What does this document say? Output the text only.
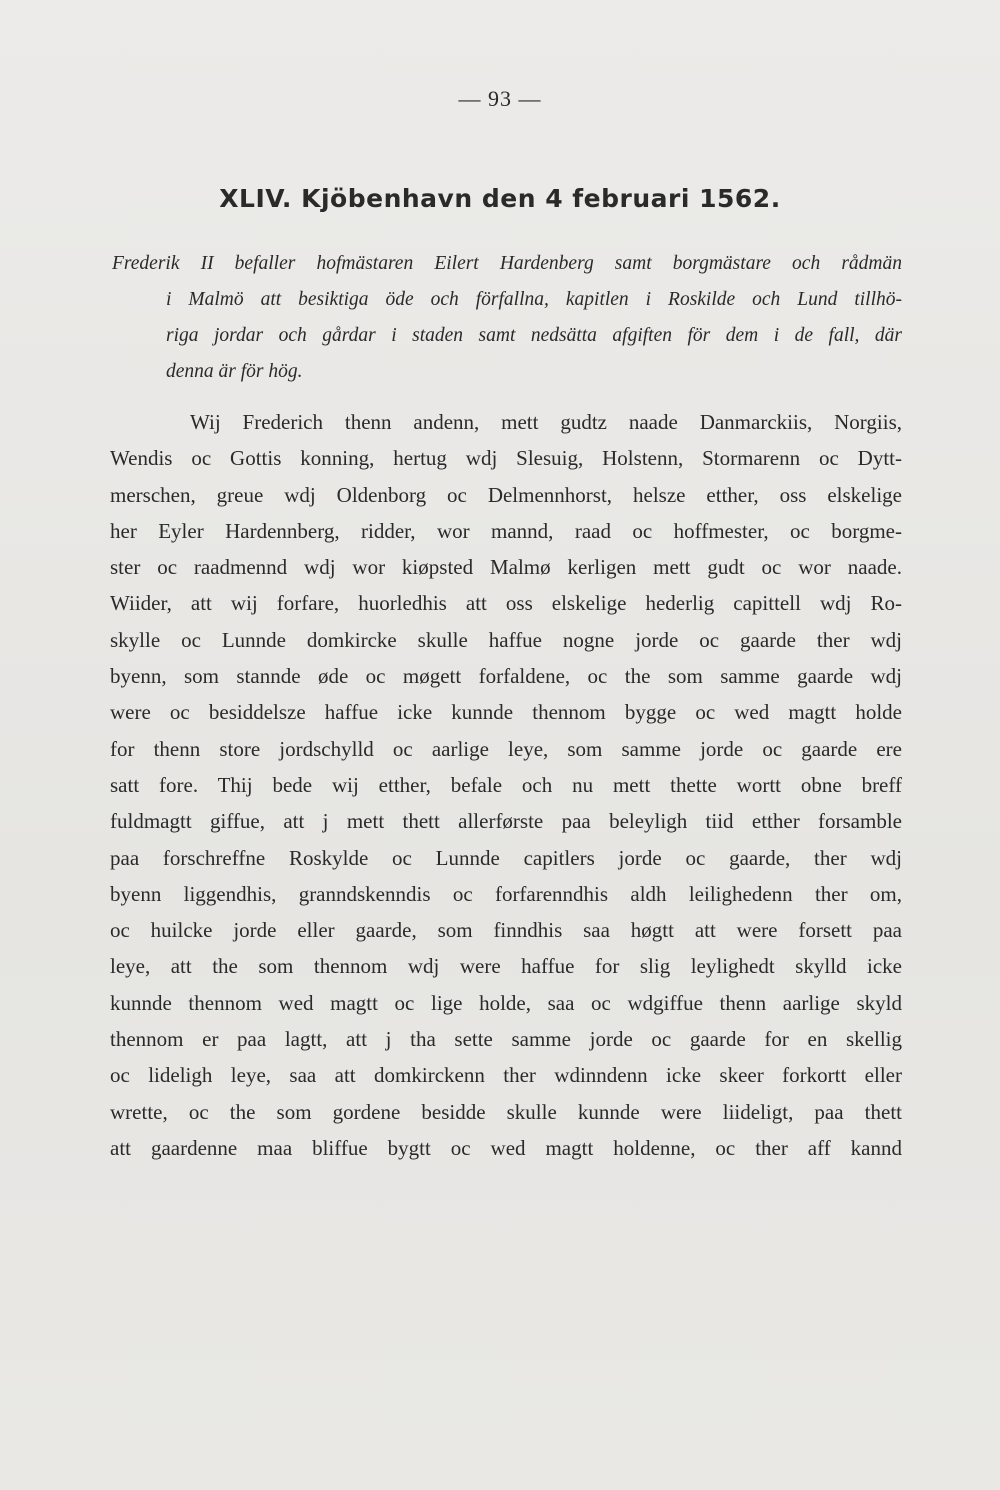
— 93 —
XLIV. Kjöbenhavn den 4 februari 1562.
Frederik II befaller hofmästaren Eilert Hardenberg samt borgmästare och rådmän
i Malmö att besiktiga öde och förfallna, kapitlen i Roskilde och Lund tillhö-
riga jordar och gårdar i staden samt nedsätta afgiften för dem i de fall, där
denna är för hög.
Wij Frederich thenn andenn, mett gudtz naade Danmarckiis, Norgiis,
Wendis oc Gottis konning, hertug wdj Slesuig, Holstenn, Stormarenn oc Dytt-
merschen, greue wdj Oldenborg oc Delmennhorst, helsze etther, oss elskelige
her Eyler Hardennberg, ridder, wor mannd, raad oc hoffmester, oc borgme-
ster oc raadmennd wdj wor kiøpsted Malmø kerligen mett gudt oc wor naade.
Wiider, att wij forfare, huorledhis att oss elskelige hederlig capittell wdj Ro-
skylle oc Lunnde domkircke skulle haffue nogne jorde oc gaarde ther wdj
byenn, som stannde øde oc møgett forfaldene, oc the som samme gaarde wdj
were oc besiddelsze haffue icke kunnde thennom bygge oc wed magtt holde
for thenn store jordschylld oc aarlige leye, som samme jorde oc gaarde ere
satt fore. Thij bede wij etther, befale och nu mett thette wortt obne breff
fuldmagtt giffue, att j mett thett allerførste paa beleyligh tiid etther forsamble
paa forschreffne Roskylde oc Lunnde capitlers jorde oc gaarde, ther wdj
byenn liggendhis, granndskenndis oc forfarenndhis aldh leilighedenn ther om,
oc huilcke jorde eller gaarde, som finndhis saa høgtt att were forsett paa
leye, att the som thennom wdj were haffue for slig leylighedt skylld icke
kunnde thennom wed magtt oc lige holde, saa oc wdgiffue thenn aarlige skyld
thennom er paa lagtt, att j tha sette samme jorde oc gaarde for en skellig
oc lideligh leye, saa att domkirckenn ther wdinndenn icke skeer forkortt eller
wrette, oc the som gordene besidde skulle kunnde were liideligt, paa thett
att gaardenne maa bliffue bygtt oc wed magtt holdenne, oc ther aff kannd
